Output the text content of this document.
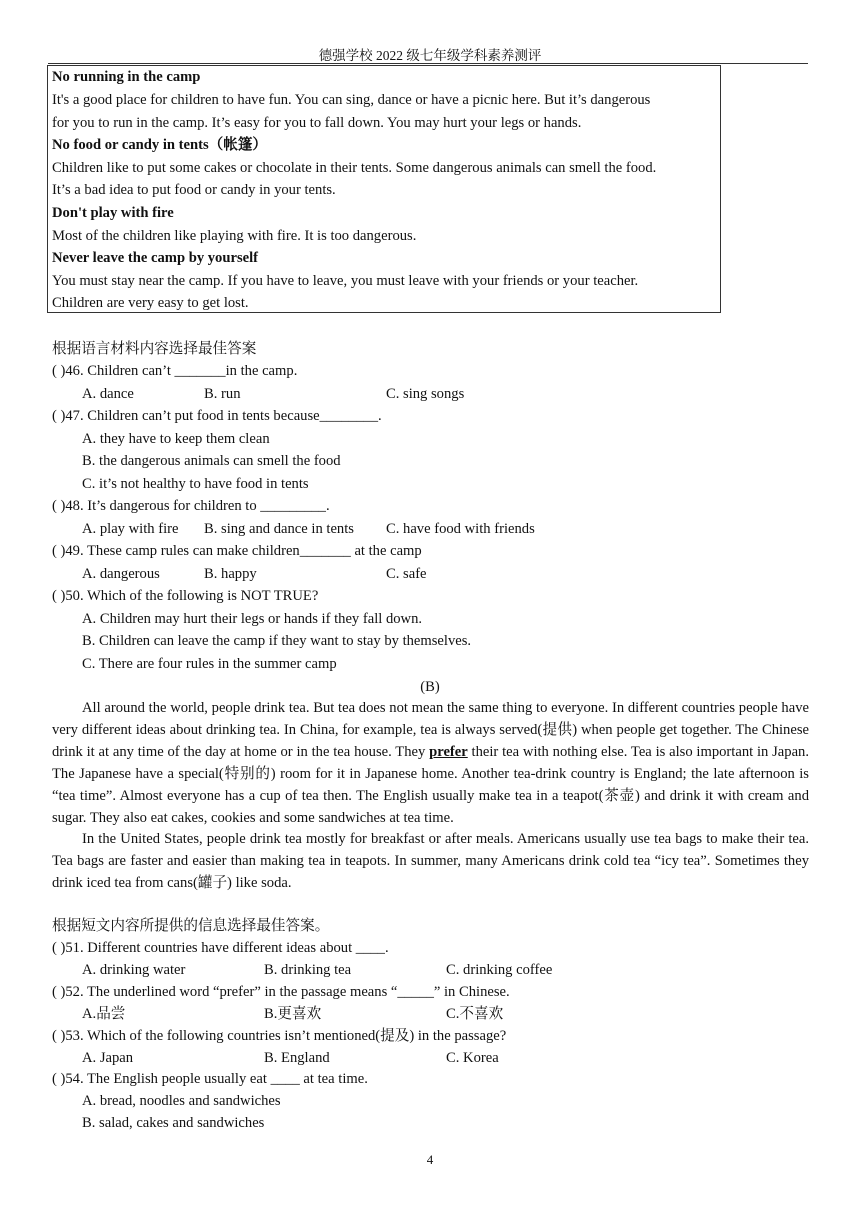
德强学校 2022 级七年级学科素养测评
No running in the camp
It's a good place for children to have fun. You can sing, dance or have a picnic here. But it’s dangerous
for you to run in the camp. It’s easy for you to fall down. You may hurt your legs or hands.
No food or candy in tents（帐篷）
Children like to put some cakes or chocolate in their tents. Some dangerous animals can smell the food.
It’s a bad idea to put food or candy in your tents.
Don't play with fire
Most of the children like playing with fire. It is too dangerous.
Never leave the camp by yourself
You must stay near the camp. If you have to leave, you must leave with your friends or your teacher.
Children are very easy to get lost.
根据语言材料内容选择最佳答案
( )46. Children can’t _______in the camp.
A. dance	B. run	C. sing songs
( )47. Children can’t put food in tents because________.
A. they have to keep them clean
B. the dangerous animals can smell the food
C. it’s not healthy to have food in tents
( )48. It’s dangerous for children to _________.
A. play with fire B. sing and dance in tents C. have food with friends
( )49. These camp rules can make children_______ at the camp
A. dangerous	B. happy	C. safe
( )50. Which of the following is NOT TRUE?
A. Children may hurt their legs or hands if they fall down.
B. Children can leave the camp if they want to stay by themselves.
C. There are four rules in the summer camp
(B)

All around the world, people drink tea. But tea does not mean the same thing to everyone. In different countries people have very different ideas about drinking tea. In China, for example, tea is always served(提供) when people get together. The Chinese drink it at any time of the day at home or in the tea house. They prefer their tea with nothing else. Tea is also important in Japan. The Japanese have a special(特别的) room for it in Japanese home. Another tea-drink country is England; the late afternoon is “tea time”. Almost everyone has a cup of tea then. The English usually make tea in a teapot(茶壶) and drink it with cream and sugar. They also eat cakes, cookies and some sandwiches at tea time.

In the United States, people drink tea mostly for breakfast or after meals. Americans usually use tea bags to make their tea. Tea bags are faster and easier than making tea in teapots. In summer, many Americans drink cold tea “icy tea”. Sometimes they drink iced tea from cans(罐子) like soda.

根据短文内容所提供的信息选择最佳答案。
( )51. Different countries have different ideas about ____.
A. drinking water	B. drinking tea	C. drinking coffee
( )52. The underlined word “prefer” in the passage means “_____” in Chinese.
A.品尝	B.更喜欢	C.不喜欢
( )53. Which of the following countries isn’t mentioned(提及) in the passage?
A. Japan	B. England	C. Korea
( )54. The English people usually eat ____ at tea time.
A. bread, noodles and sandwiches
B. salad, cakes and sandwiches
4
